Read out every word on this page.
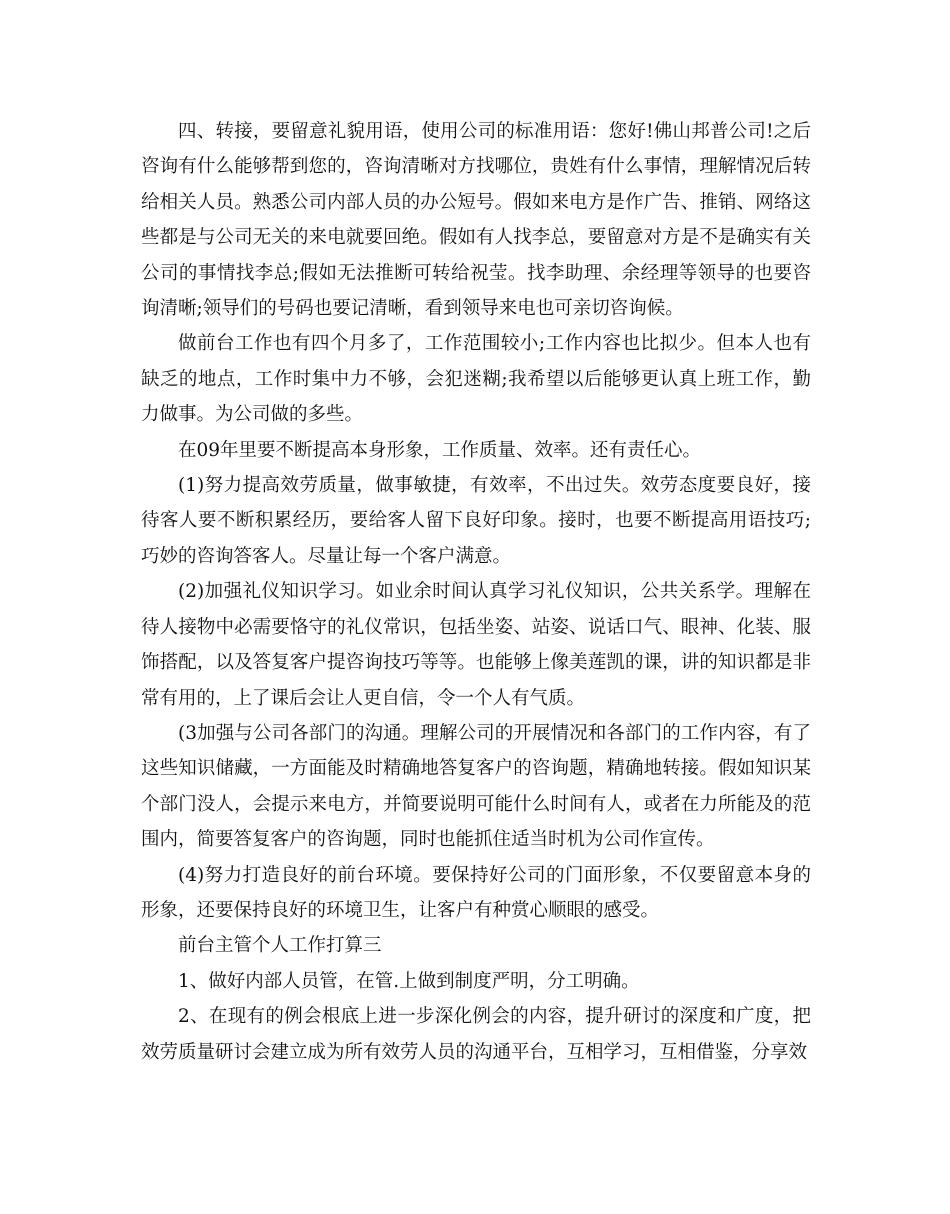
四、转接，要留意礼貌用语，使用公司的标准用语：您好!佛山邦普公司!之后咨询有什么能够帮到您的，咨询清晰对方找哪位，贵姓有什么事情，理解情况后转给相关人员。熟悉公司内部人员的办公短号。假如来电方是作广告、推销、网络这些都是与公司无关的来电就要回绝。假如有人找李总，要留意对方是不是确实有关公司的事情找李总;假如无法推断可转给祝莹。找李助理、余经理等领导的也要咨询清晰;领导们的号码也要记清晰，看到领导来电也可亲切咨询候。

做前台工作也有四个月多了，工作范围较小;工作内容也比拟少。但本人也有缺乏的地点，工作时集中力不够，会犯迷糊;我希望以后能够更认真上班工作，勤力做事。为公司做的多些。

在09年里要不断提高本身形象，工作质量、效率。还有责任心。

(1)努力提高效劳质量，做事敏捷，有效率，不出过失。效劳态度要良好，接待客人要不断积累经历，要给客人留下良好印象。接时，也要不断提高用语技巧;巧妙的咨询答客人。尽量让每一个客户满意。

(2)加强礼仪知识学习。如业余时间认真学习礼仪知识，公共关系学。理解在待人接物中必需要恪守的礼仪常识，包括坐姿、站姿、说话口气、眼神、化装、服饰搭配，以及答复客户提咨询技巧等等。也能够上像美莲凯的课，讲的知识都是非常有用的，上了课后会让人更自信，令一个人有气质。

(3加强与公司各部门的沟通。理解公司的开展情况和各部门的工作内容，有了这些知识储藏，一方面能及时精确地答复客户的咨询题，精确地转接。假如知识某个部门没人，会提示来电方，并简要说明可能什么时间有人，或者在力所能及的范围内，简要答复客户的咨询题，同时也能抓住适当时机为公司作宣传。

(4)努力打造良好的前台环境。要保持好公司的门面形象，不仅要留意本身的形象，还要保持良好的环境卫生，让客户有种赏心顺眼的感受。

前台主管个人工作打算三

1、做好内部人员管，在管.上做到制度严明，分工明确。

2、在现有的例会根底上进一步深化例会的内容，提升研讨的深度和广度，把效劳质量研讨会建立成为所有效劳人员的沟通平台，互相学习，互相借鉴，分享效
